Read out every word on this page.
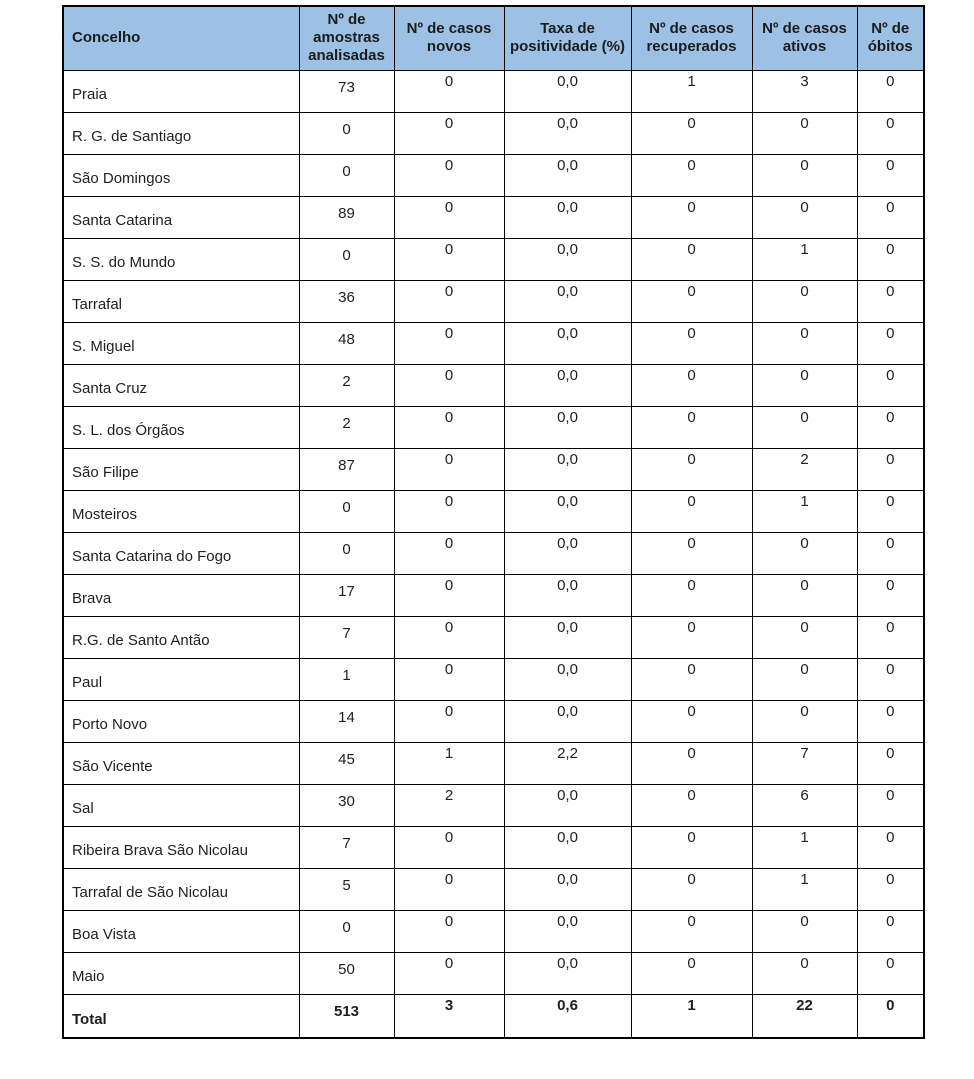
Concelho	Nº de amostras analisadas	Nº de casos novos	Taxa de positividade (%)	Nº de casos recuperados	Nº de casos ativos	Nº de óbitos
Praia	73	0	0,0	1	3	0
R. G. de Santiago	0	0	0,0	0	0	0
São Domingos	0	0	0,0	0	0	0
Santa Catarina	89	0	0,0	0	0	0
S. S. do Mundo	0	0	0,0	0	1	0
Tarrafal	36	0	0,0	0	0	0
S. Miguel	48	0	0,0	0	0	0
Santa Cruz	2	0	0,0	0	0	0
S. L. dos Órgãos	2	0	0,0	0	0	0
São Filipe	87	0	0,0	0	2	0
Mosteiros	0	0	0,0	0	1	0
Santa Catarina do Fogo	0	0	0,0	0	0	0
Brava	17	0	0,0	0	0	0
R.G. de Santo Antão	7	0	0,0	0	0	0
Paul	1	0	0,0	0	0	0
Porto Novo	14	0	0,0	0	0	0
São Vicente	45	1	2,2	0	7	0
Sal	30	2	0,0	0	6	0
Ribeira Brava São Nicolau	7	0	0,0	0	1	0
Tarrafal de São Nicolau	5	0	0,0	0	1	0
Boa Vista	0	0	0,0	0	0	0
Maio	50	0	0,0	0	0	0
Total	513	3	0,6	1	22	0
